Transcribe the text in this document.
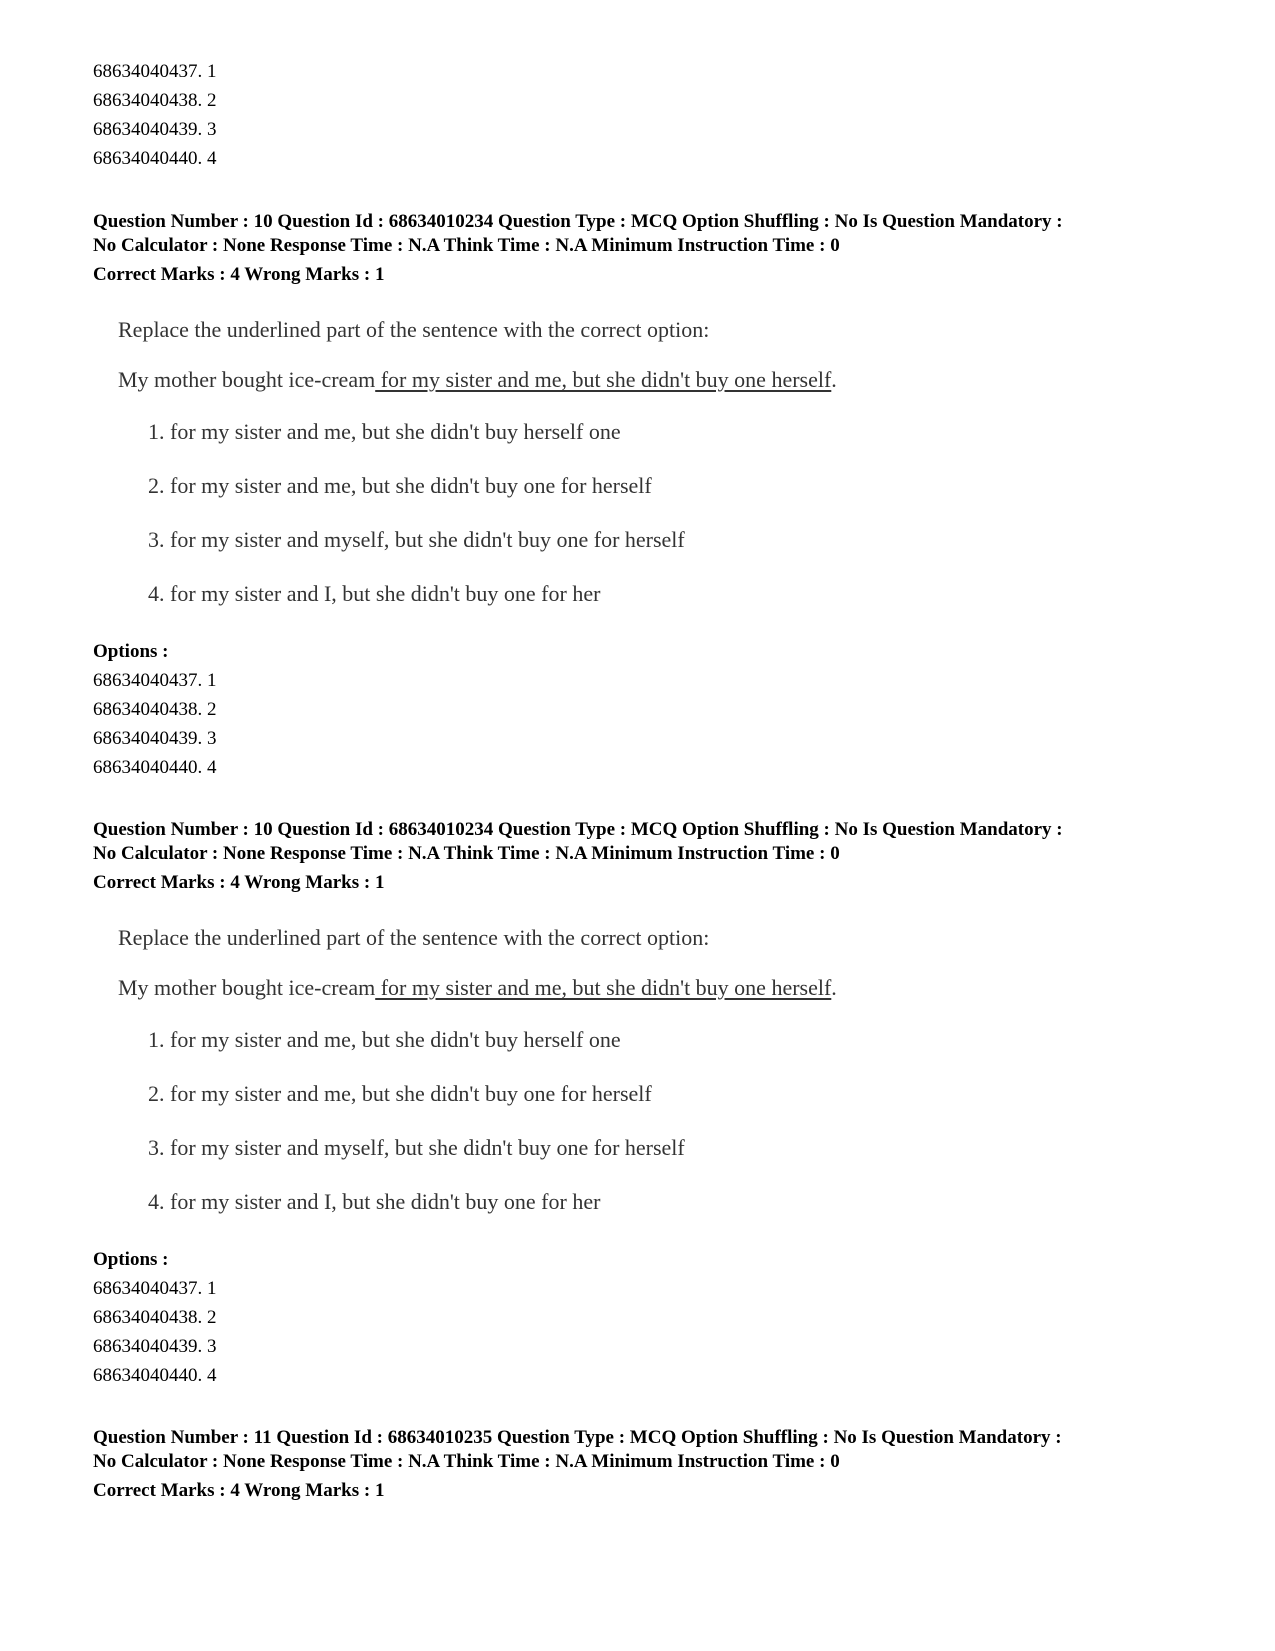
68634040437. 1
68634040438. 2
68634040439. 3
68634040440. 4
Question Number : 10 Question Id : 68634010234 Question Type : MCQ Option Shuffling : No Is Question Mandatory :
No Calculator : None Response Time : N.A Think Time : N.A Minimum Instruction Time : 0
Correct Marks : 4 Wrong Marks : 1
Replace the underlined part of the sentence with the correct option:
My mother bought ice-cream for my sister and me, but she didn't buy one herself.
1. for my sister and me, but she didn't buy herself one
2. for my sister and me, but she didn't buy one for herself
3. for my sister and myself, but she didn't buy one for herself
4. for my sister and I, but she didn't buy one for her
Options :
68634040437. 1
68634040438. 2
68634040439. 3
68634040440. 4
Question Number : 10 Question Id : 68634010234 Question Type : MCQ Option Shuffling : No Is Question Mandatory :
No Calculator : None Response Time : N.A Think Time : N.A Minimum Instruction Time : 0
Correct Marks : 4 Wrong Marks : 1
Replace the underlined part of the sentence with the correct option:
My mother bought ice-cream for my sister and me, but she didn't buy one herself.
1. for my sister and me, but she didn't buy herself one
2. for my sister and me, but she didn't buy one for herself
3. for my sister and myself, but she didn't buy one for herself
4. for my sister and I, but she didn't buy one for her
Options :
68634040437. 1
68634040438. 2
68634040439. 3
68634040440. 4
Question Number : 11 Question Id : 68634010235 Question Type : MCQ Option Shuffling : No Is Question Mandatory :
No Calculator : None Response Time : N.A Think Time : N.A Minimum Instruction Time : 0
Correct Marks : 4 Wrong Marks : 1
